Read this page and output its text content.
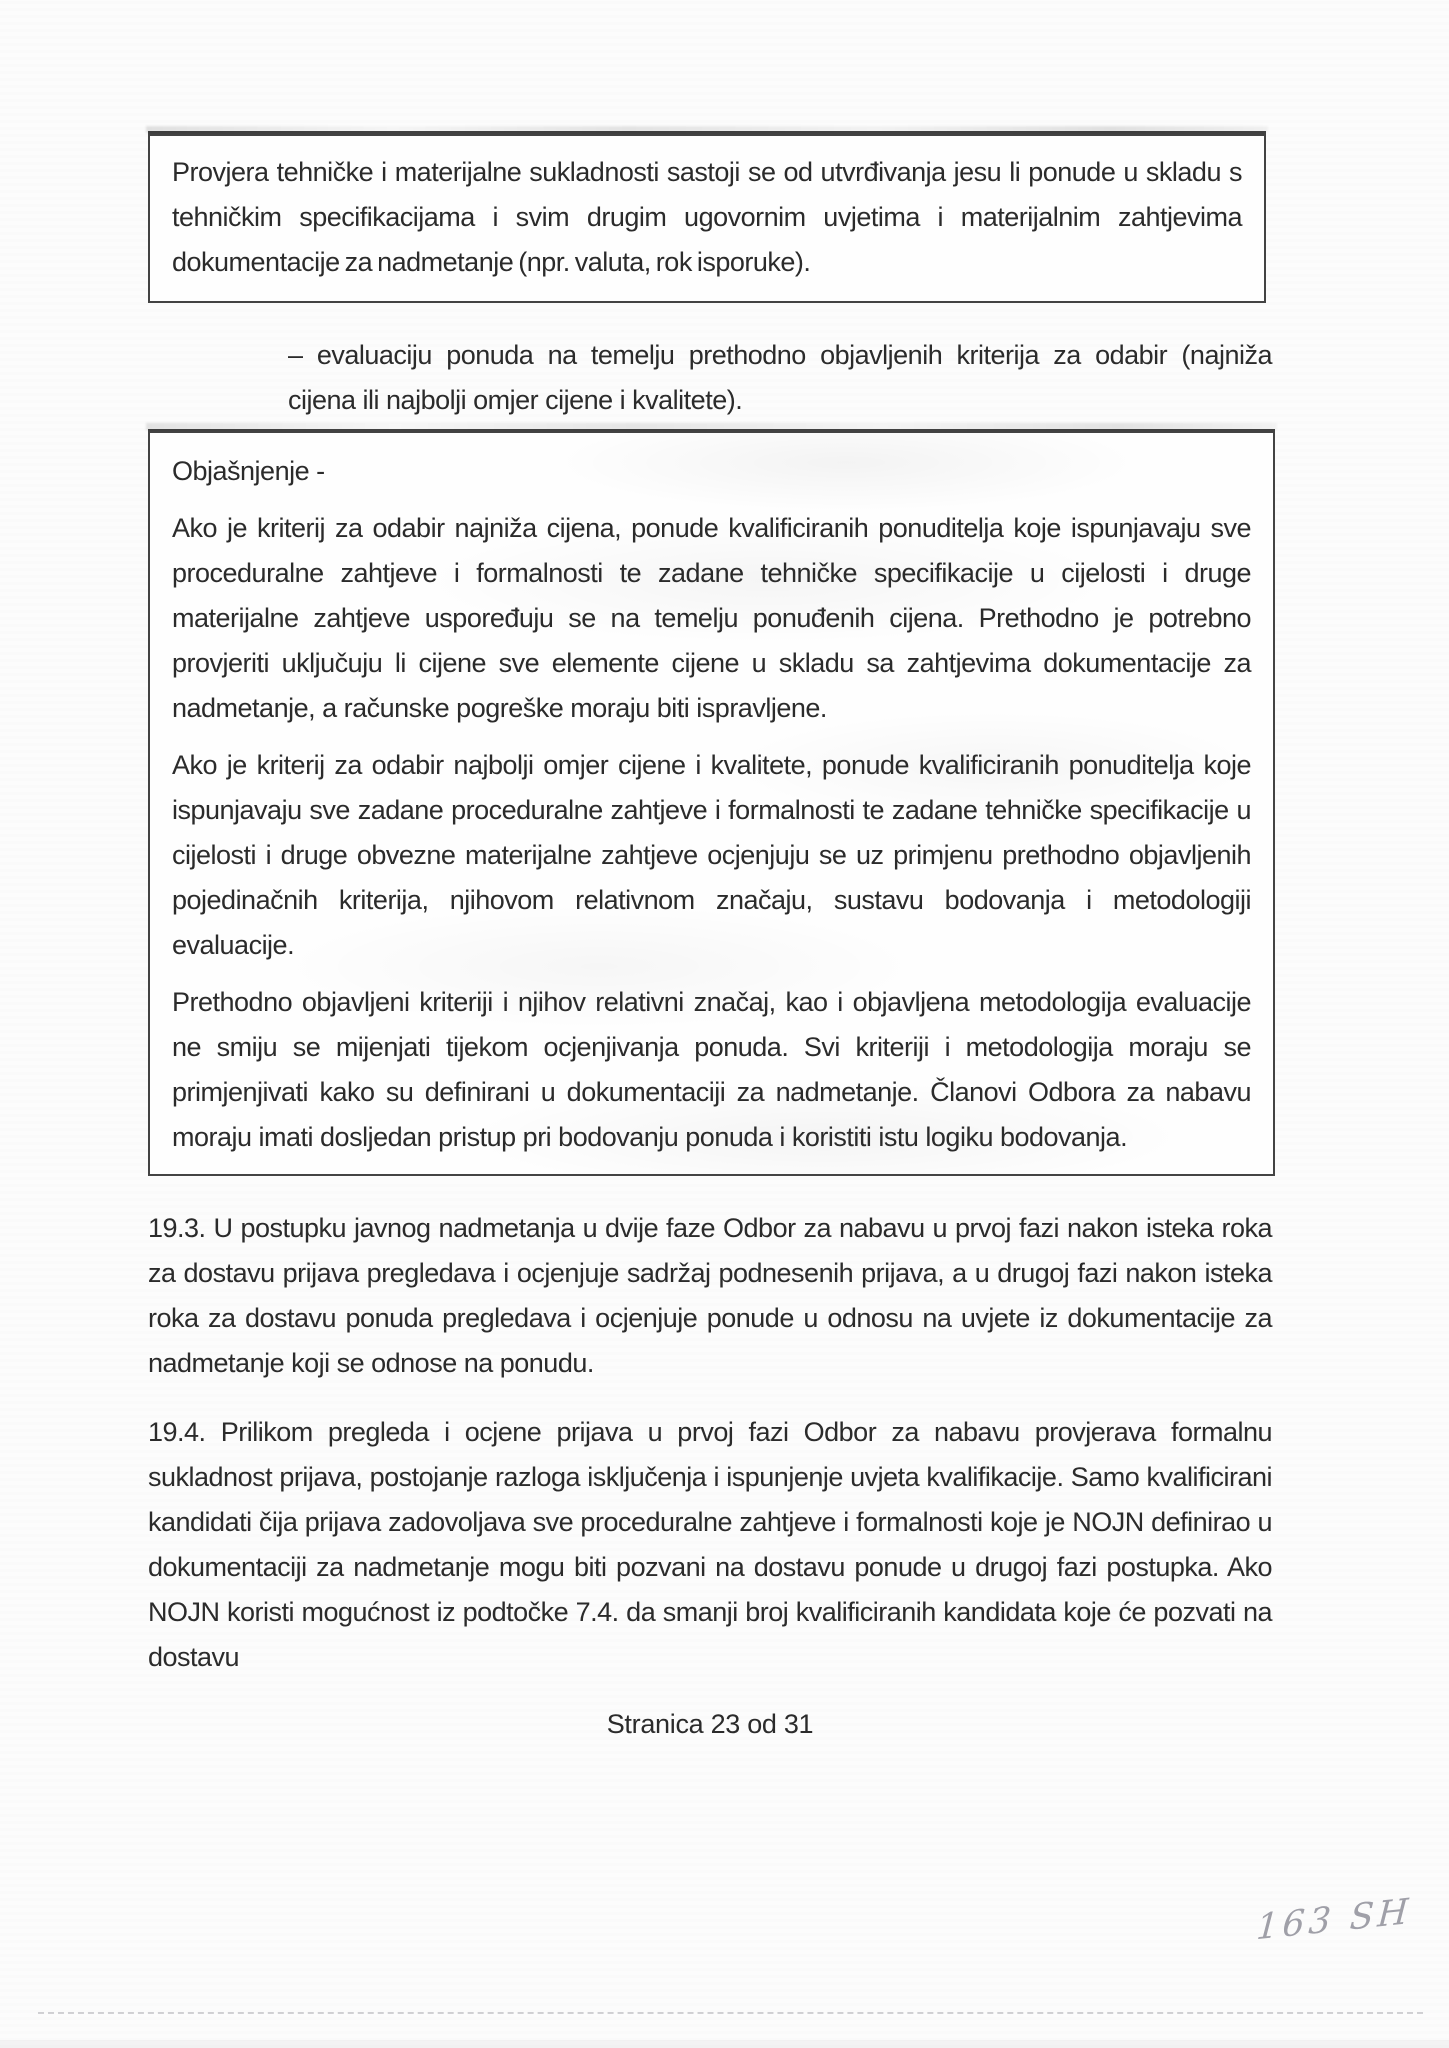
Provjera tehničke i materijalne sukladnosti sastoji se od utvrđivanja jesu li ponude u skladu s tehničkim specifikacijama i svim drugim ugovornim uvjetima i materijalnim zahtjevima dokumentacije za nadmetanje (npr. valuta, rok isporuke).

– evaluaciju ponuda na temelju prethodno objavljenih kriterija za odabir (najniža cijena ili najbolji omjer cijene i kvalitete).

Objašnjenje -

Ako je kriterij za odabir najniža cijena, ponude kvalificiranih ponuditelja koje ispunjavaju sve proceduralne zahtjeve i formalnosti te zadane tehničke specifikacije u cijelosti i druge materijalne zahtjeve uspoređuju se na temelju ponuđenih cijena. Prethodno je potrebno provjeriti uključuju li cijene sve elemente cijene u skladu sa zahtjevima dokumentacije za nadmetanje, a računske pogreške moraju biti ispravljene.

Ako je kriterij za odabir najbolji omjer cijene i kvalitete, ponude kvalificiranih ponuditelja koje ispunjavaju sve zadane proceduralne zahtjeve i formalnosti te zadane tehničke specifikacije u cijelosti i druge obvezne materijalne zahtjeve ocjenjuju se uz primjenu prethodno objavljenih pojedinačnih kriterija, njihovom relativnom značaju, sustavu bodovanja i metodologiji evaluacije.

Prethodno objavljeni kriteriji i njihov relativni značaj, kao i objavljena metodologija evaluacije ne smiju se mijenjati tijekom ocjenjivanja ponuda. Svi kriteriji i metodologija moraju se primjenjivati kako su definirani u dokumentaciji za nadmetanje. Članovi Odbora za nabavu moraju imati dosljedan pristup pri bodovanju ponuda i koristiti istu logiku bodovanja.

19.3. U postupku javnog nadmetanja u dvije faze Odbor za nabavu u prvoj fazi nakon isteka roka za dostavu prijava pregledava i ocjenjuje sadržaj podnesenih prijava, a u drugoj fazi nakon isteka roka za dostavu ponuda pregledava i ocjenjuje ponude u odnosu na uvjete iz dokumentacije za nadmetanje koji se odnose na ponudu.

19.4. Prilikom pregleda i ocjene prijava u prvoj fazi Odbor za nabavu provjerava formalnu sukladnost prijava, postojanje razloga isključenja i ispunjenje uvjeta kvalifikacije. Samo kvalificirani kandidati čija prijava zadovoljava sve proceduralne zahtjeve i formalnosti koje je NOJN definirao u dokumentaciji za nadmetanje mogu biti pozvani na dostavu ponude u drugoj fazi postupka. Ako NOJN koristi mogućnost iz podtočke 7.4. da smanji broj kvalificiranih kandidata koje će pozvati na dostavu

Stranica 23 od 31

163 SH
